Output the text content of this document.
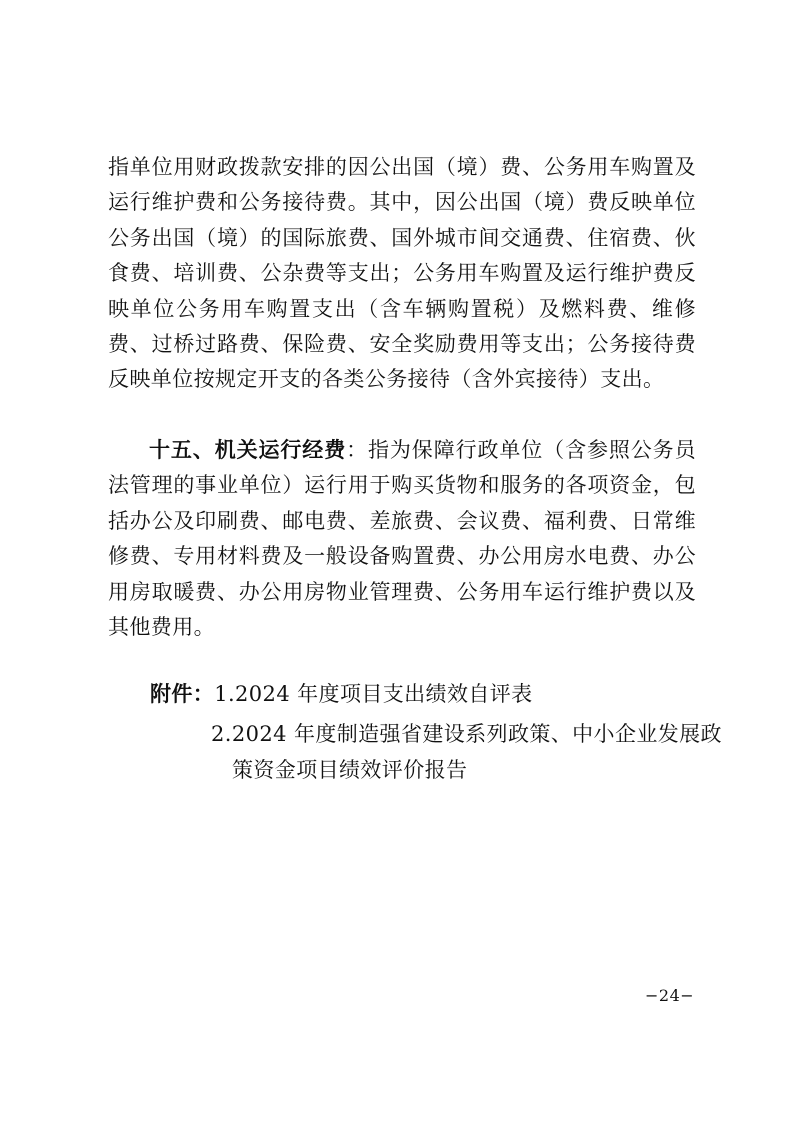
指单位用财政拨款安排的因公出国（境）费、公务用车购置及运行维护费和公务接待费。其中，因公出国（境）费反映单位公务出国（境）的国际旅费、国外城市间交通费、住宿费、伙食费、培训费、公杂费等支出；公务用车购置及运行维护费反映单位公务用车购置支出（含车辆购置税）及燃料费、维修费、过桥过路费、保险费、安全奖励费用等支出；公务接待费反映单位按规定开支的各类公务接待（含外宾接待）支出。

十五、机关运行经费：指为保障行政单位（含参照公务员法管理的事业单位）运行用于购买货物和服务的各项资金，包括办公及印刷费、邮电费、差旅费、会议费、福利费、日常维修费、专用材料费及一般设备购置费、办公用房水电费、办公用房取暖费、办公用房物业管理费、公务用车运行维护费以及其他费用。

附件：1.2024 年度项目支出绩效自评表

2.2024 年度制造强省建设系列政策、中小企业发展政

策资金项目绩效评价报告

−24−
